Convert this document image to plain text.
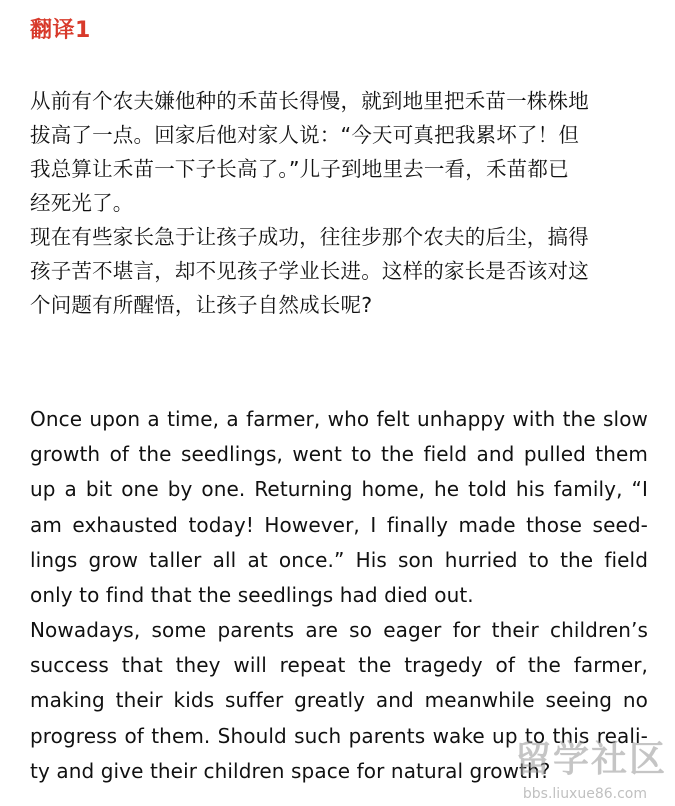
翻译1
从前有个农夫嫌他种的禾苗长得慢，就到地里把禾苗一株株地
拔高了一点。回家后他对家人说：“今天可真把我累坏了！但
我总算让禾苗一下子长高了。”儿子到地里去一看，禾苗都已
经死光了。
现在有些家长急于让孩子成功，往往步那个农夫的后尘，搞得
孩子苦不堪言，却不见孩子学业长进。这样的家长是否该对这
个问题有所醒悟，让孩子自然成长呢?
Once upon a time, a farmer, who felt unhappy with the slow
growth of the seedlings, went to the field and pulled them
up a bit one by one. Returning home, he told his family, “I
am exhausted today! However, I finally made those seed-
lings grow taller all at once.” His son hurried to the field
only to find that the seedlings had died out.
Nowadays, some parents are so eager for their children’s
success that they will repeat the tragedy of the farmer,
making their kids suffer greatly and meanwhile seeing no
progress of them. Should such parents wake up to this reali-
ty and give their children space for natural growth?
留学社区
bbs.liuxue86.com
